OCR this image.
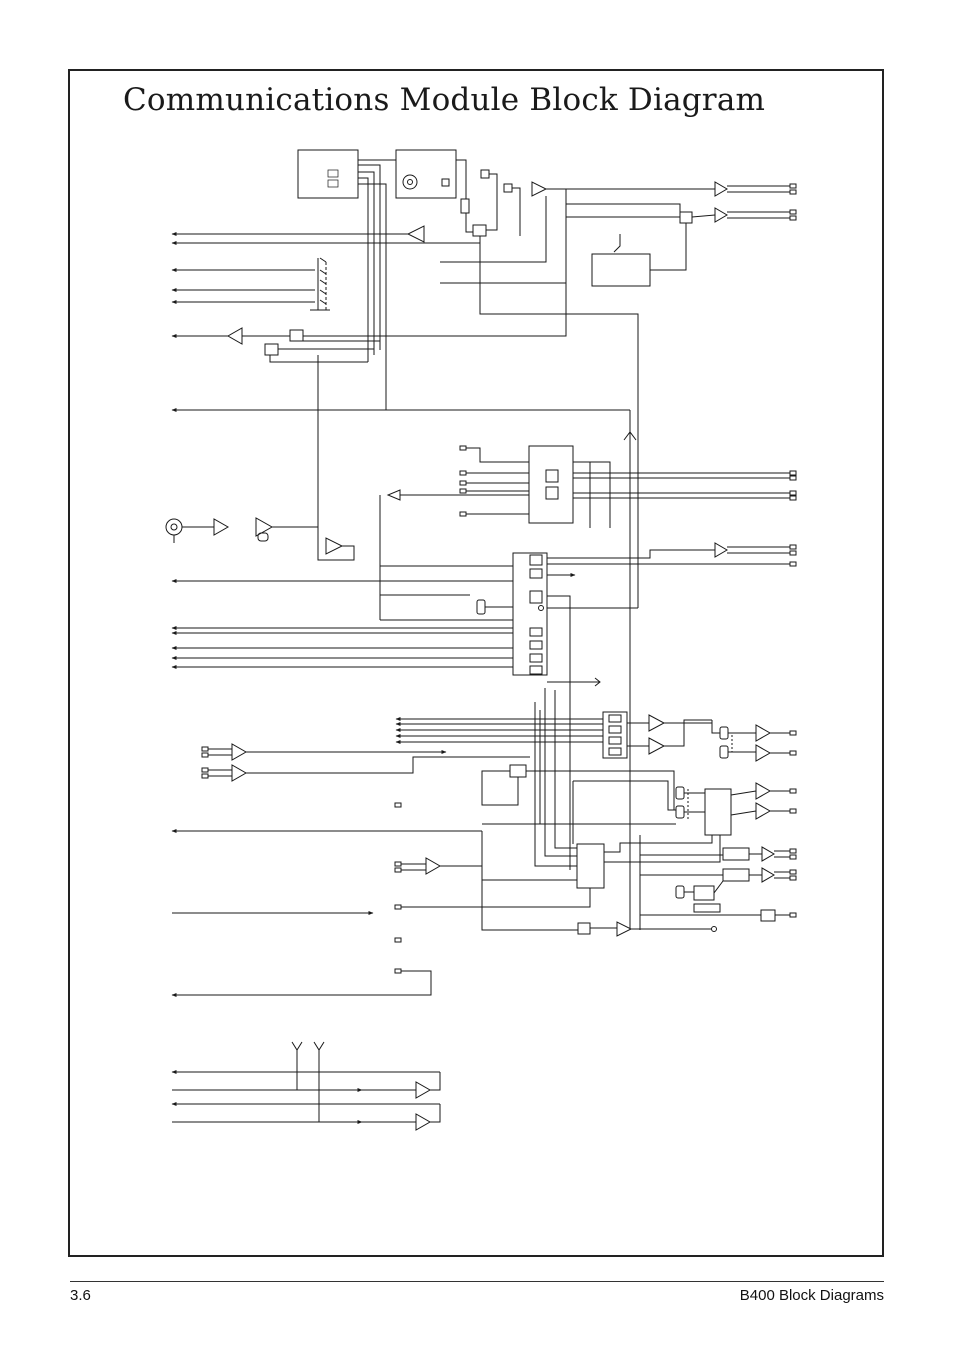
Communications Module Block Diagram
3.6	B400 Block Diagrams
